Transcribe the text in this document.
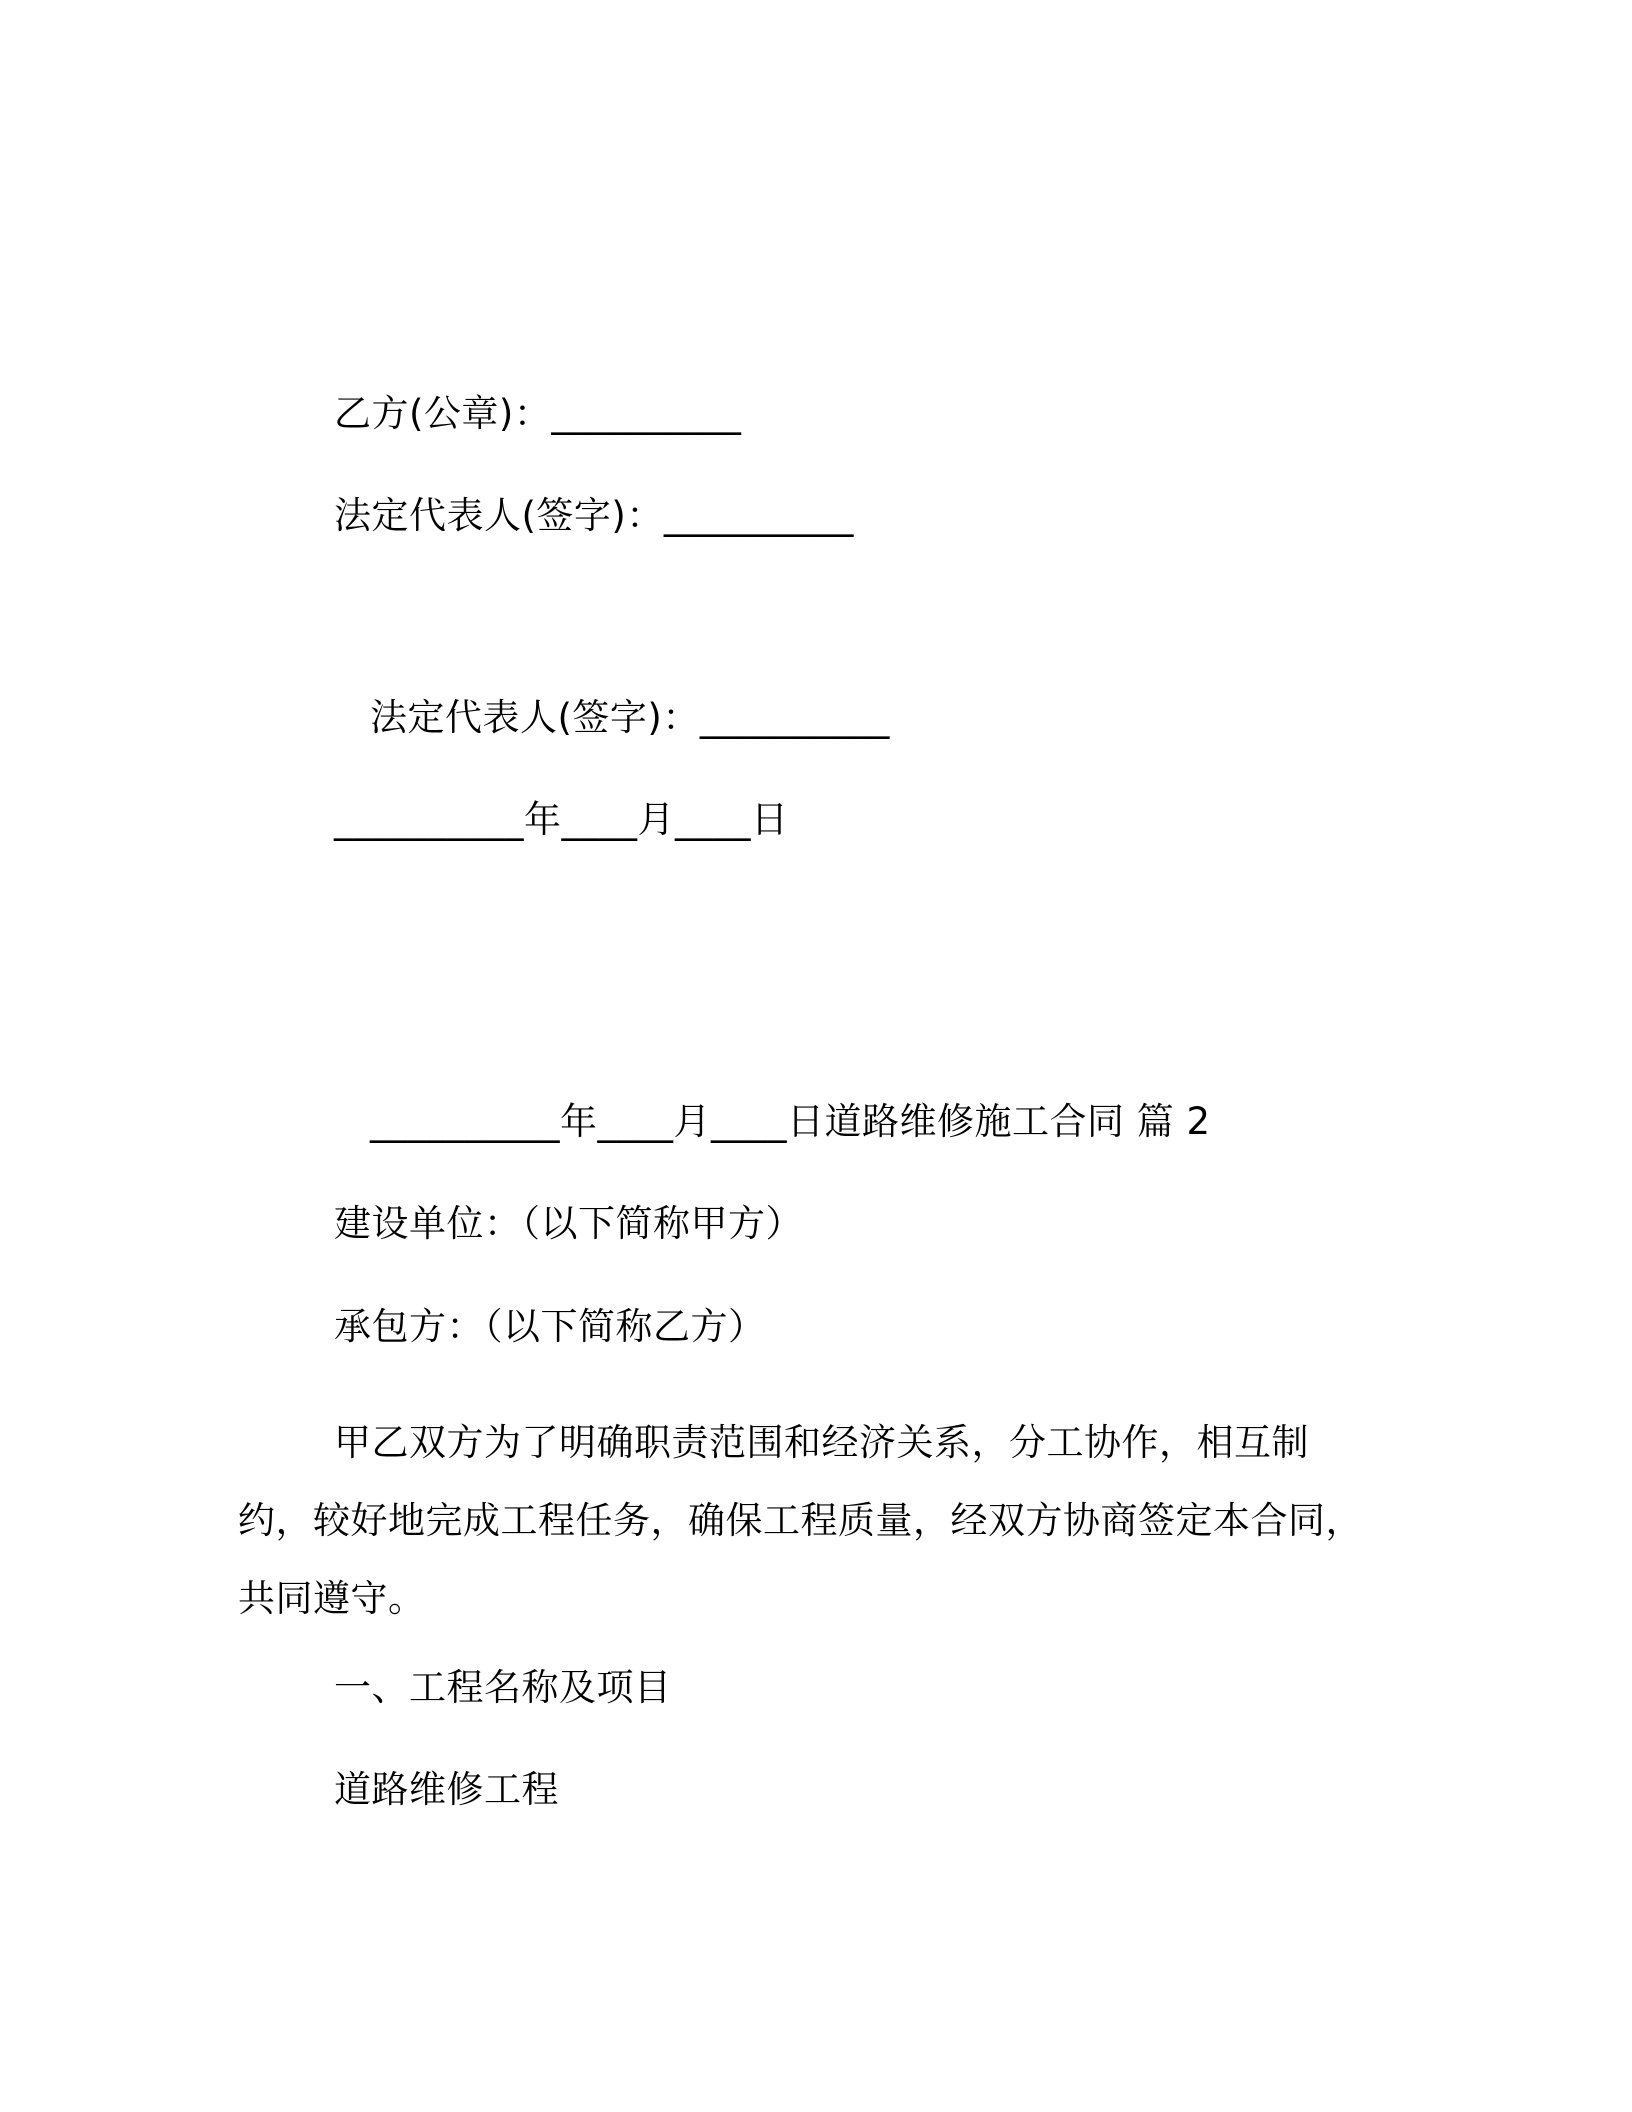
乙方(公章)：__________
法定代表人(签字)：__________
法定代表人(签字)：__________
__________年____月____日
__________年____月____日道路维修施工合同 篇 2
建设单位：（以下简称甲方）
承包方：（以下简称乙方）
甲乙双方为了明确职责范围和经济关系，分工协作，相互制约，较好地完成工程任务，确保工程质量，经双方协商签定本合同，共同遵守。
一、工程名称及项目
道路维修工程
